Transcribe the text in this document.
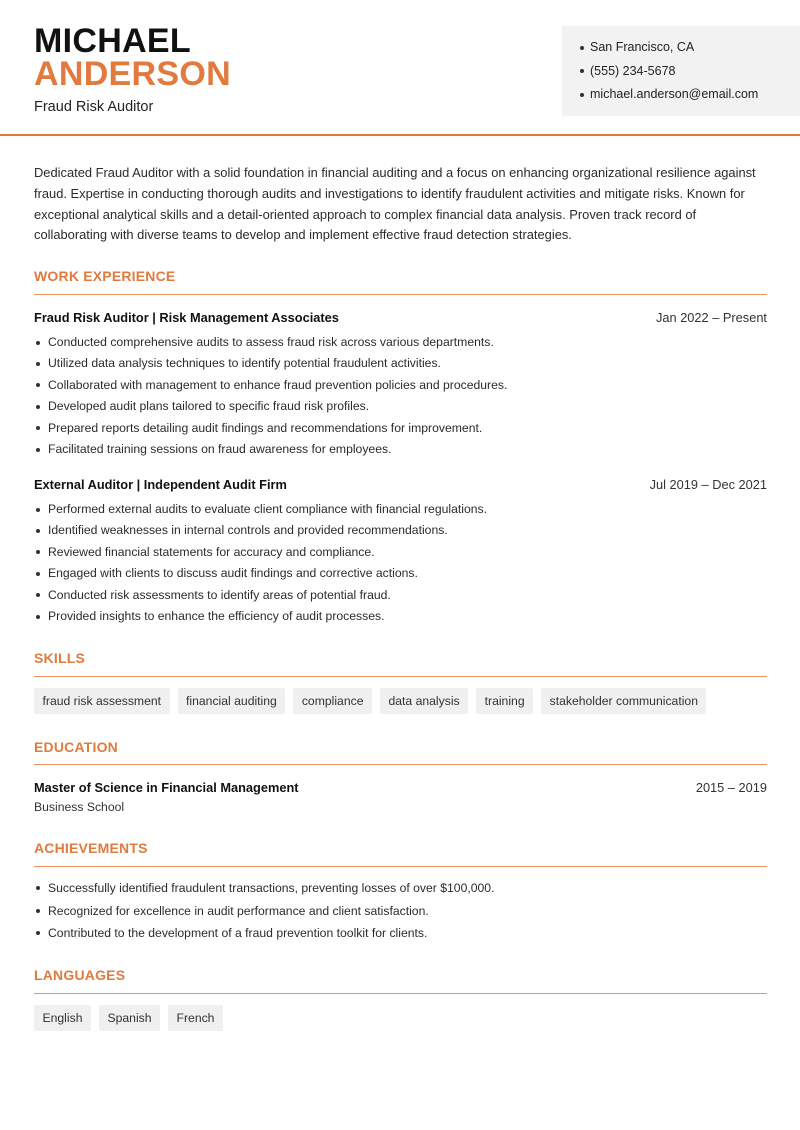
MICHAEL
ANDERSON
Fraud Risk Auditor
San Francisco, CA
(555) 234-5678
michael.anderson@email.com
Dedicated Fraud Auditor with a solid foundation in financial auditing and a focus on enhancing organizational resilience against fraud. Expertise in conducting thorough audits and investigations to identify fraudulent activities and mitigate risks. Known for exceptional analytical skills and a detail-oriented approach to complex financial data analysis. Proven track record of collaborating with diverse teams to develop and implement effective fraud detection strategies.
WORK EXPERIENCE
Fraud Risk Auditor | Risk Management Associates	Jan 2022 – Present
Conducted comprehensive audits to assess fraud risk across various departments.
Utilized data analysis techniques to identify potential fraudulent activities.
Collaborated with management to enhance fraud prevention policies and procedures.
Developed audit plans tailored to specific fraud risk profiles.
Prepared reports detailing audit findings and recommendations for improvement.
Facilitated training sessions on fraud awareness for employees.
External Auditor | Independent Audit Firm	Jul 2019 – Dec 2021
Performed external audits to evaluate client compliance with financial regulations.
Identified weaknesses in internal controls and provided recommendations.
Reviewed financial statements for accuracy and compliance.
Engaged with clients to discuss audit findings and corrective actions.
Conducted risk assessments to identify areas of potential fraud.
Provided insights to enhance the efficiency of audit processes.
SKILLS
fraud risk assessment	financial auditing	compliance	data analysis	training	stakeholder communication
EDUCATION
Master of Science in Financial Management	2015 – 2019
Business School
ACHIEVEMENTS
Successfully identified fraudulent transactions, preventing losses of over $100,000.
Recognized for excellence in audit performance and client satisfaction.
Contributed to the development of a fraud prevention toolkit for clients.
LANGUAGES
English	Spanish	French
